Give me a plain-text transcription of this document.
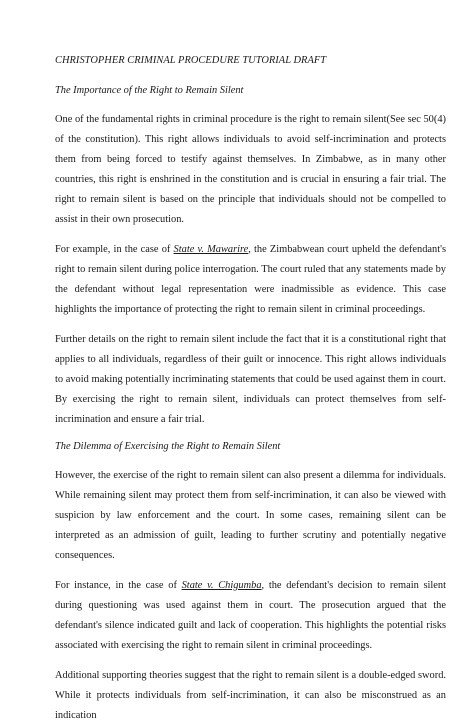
CHRISTOPHER CRIMINAL PROCEDURE TUTORIAL DRAFT

The Importance of the Right to Remain Silent

One of the fundamental rights in criminal procedure is the right to remain silent(See sec 50(4) of the constitution). This right allows individuals to avoid self-incrimination and protects them from being forced to testify against themselves. In Zimbabwe, as in many other countries, this right is enshrined in the constitution and is crucial in ensuring a fair trial. The right to remain silent is based on the principle that individuals should not be compelled to assist in their own prosecution.

For example, in the case of State v. Mawarire, the Zimbabwean court upheld the defendant's right to remain silent during police interrogation. The court ruled that any statements made by the defendant without legal representation were inadmissible as evidence. This case highlights the importance of protecting the right to remain silent in criminal proceedings.

Further details on the right to remain silent include the fact that it is a constitutional right that applies to all individuals, regardless of their guilt or innocence. This right allows individuals to avoid making potentially incriminating statements that could be used against them in court. By exercising the right to remain silent, individuals can protect themselves from self-incrimination and ensure a fair trial.

The Dilemma of Exercising the Right to Remain Silent

However, the exercise of the right to remain silent can also present a dilemma for individuals. While remaining silent may protect them from self-incrimination, it can also be viewed with suspicion by law enforcement and the court. In some cases, remaining silent can be interpreted as an admission of guilt, leading to further scrutiny and potentially negative consequences.

For instance, in the case of State v. Chigumba, the defendant's decision to remain silent during questioning was used against them in court. The prosecution argued that the defendant's silence indicated guilt and lack of cooperation. This highlights the potential risks associated with exercising the right to remain silent in criminal proceedings.

Additional supporting theories suggest that the right to remain silent is a double-edged sword. While it protects individuals from self-incrimination, it can also be misconstrued as an indication
